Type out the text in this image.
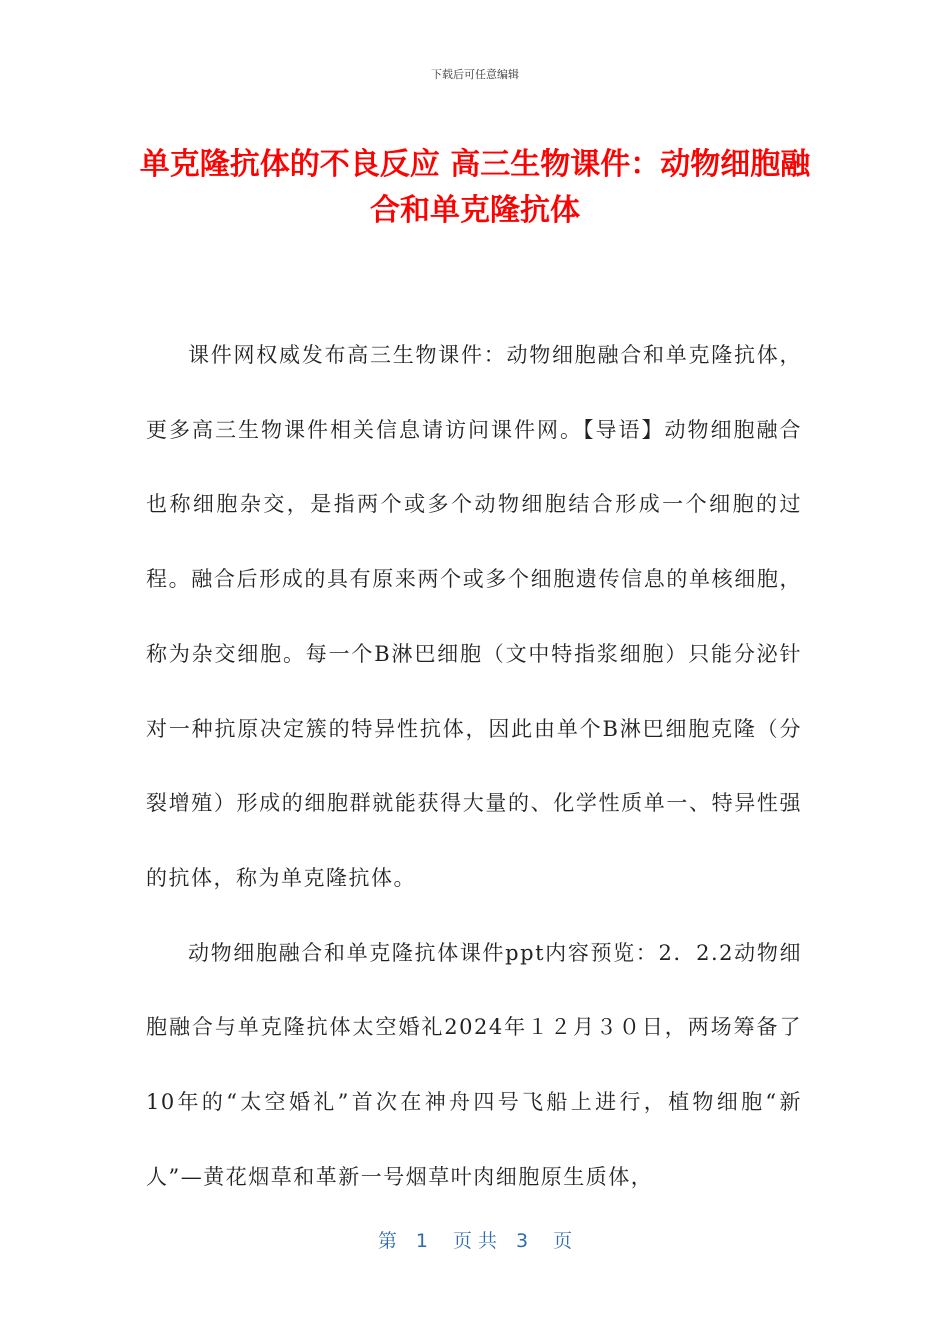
下载后可任意编辑
单克隆抗体的不良反应 高三生物课件：动物细胞融合和单克隆抗体

课件网权威发布高三生物课件：动物细胞融合和单克隆抗体，更多高三生物课件相关信息请访问课件网。【导语】动物细胞融合也称细胞杂交，是指两个或多个动物细胞结合形成一个细胞的过程。融合后形成的具有原来两个或多个细胞遗传信息的单核细胞，称为杂交细胞。每一个B淋巴细胞（文中特指浆细胞）只能分泌针对一种抗原决定簇的特异性抗体，因此由单个B淋巴细胞克隆（分裂增殖）形成的细胞群就能获得大量的、化学性质单一、特异性强的抗体，称为单克隆抗体。

动物细胞融合和单克隆抗体课件ppt内容预览：2．2.2动物细胞融合与单克隆抗体太空婚礼2024年１２月３０日，两场筹备了10年的“太空婚礼”首次在神舟四号飞船上进行，植物细胞“新人”—黄花烟草和革新一号烟草叶肉细胞原生质体，

第　1　 页 共　3　 页
